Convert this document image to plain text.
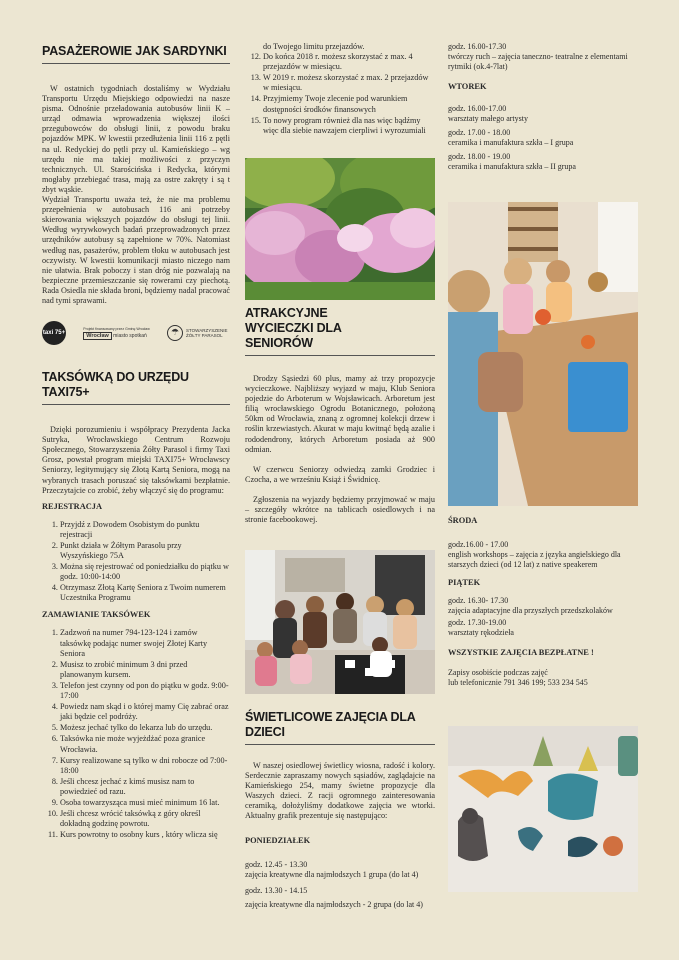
PASAŻEROWIE JAK SARDYNKI

W ostatnich tygodniach dostaliśmy w Wydziału Transportu Urzędu Miejskiego odpowiedzi na nasze pisma. Odnośnie przeładowania autobusów linii K – urząd odmawia wprowadzenia większej ilości przegubowców do obsługi linii, z powodu braku pojazdów MPK. W kwestii przedłużenia linii 116 z pętli na ul. Redyckiej do pętli przy ul. Kamieńskiego – wg urzędu nie ma takiej możliwości z przyczyn technicznych. Ul. Starościńska i Redycka, którymi mogłaby przebiegać trasa, mają za ostre zakręty i są t zbyt wąskie.

Wydział Transportu uważa też, że nie ma problemu przepełnienia w autobusach 116 ani potrzeby skierowania większych pojazdów do obsługi tej linii. Według wyrywkowych badań przeprowadzonych przez urzędników autobusy są zapełnione w 70%. Natomiast według nas, pasażerów, problem tłoku w autobusach jest oczywisty. W kwestii komunikacji miasto niczego nam nie ułatwia. Brak poboczy i stan dróg nie pozwalają na bezpieczne przemieszczanie się rowerami czy piechotą. Rada Osiedla nie składa broni, będziemy nadal pracować nad tymi sprawami.

taxi 75+
Projekt finansowany przez Gminę Wrocław
Wrocław miasto spotkań	☂	STOWARZYSZENIE ŻÓŁTY PARASOL
TAKSÓWKĄ DO URZĘDU TAXI75+

Dzięki porozumieniu i współpracy Prezydenta Jacka Sutryka, Wrocławskiego Centrum Rozwoju Społecznego, Stowarzyszenia Żółty Parasol i firmy Taxi Grosz, powstał program miejski TAXI75+ Wrocławscy Seniorzy, legitymujący się Złotą Kartą Seniora, mogą na wybranych trasach poruszać się taksówkami bezpłatnie. Przeczytajcie co zrobić, żeby włączyć się do programu:

REJESTRACJA
1. Przyjdź z Dowodem Osobistym do punktu rejestracji
2. Punkt działa w Żółtym Parasolu przy Wyszyńskiego 75A
3. Można się rejestrować od poniedziałku do piątku w godz. 10:00-14:00
4. Otrzymasz Złotą Kartę Seniora z Twoim numerem Uczestnika Programu
ZAMAWIANIE TAKSÓWEK
1. Zadzwoń na numer 794-123-124 i zamów taksówkę podając numer swojej Złotej Karty Seniora
2. Musisz to zrobić minimum 3 dni przed planowanym kursem.
3. Telefon jest czynny od pon do piątku w godz. 9:00-17:00
4. Powiedz nam skąd i o której mamy Cię zabrać oraz jaki będzie cel podróży.
5. Możesz jechać tylko do lekarza lub do urzędu.
6. Taksówka nie może wyjeżdżać poza granice Wrocławia.
7. Kursy realizowane są tylko w dni robocze od 7:00-18:00
8. Jeśli chcesz jechać z kimś musisz nam to powiedzieć od razu.
9. Osoba towarzysząca musi mieć minimum 16 lat.
10. Jeśli chcesz wrócić taksówką z góry określ dokładną godzinę powrotu.
11. Kurs powrotny to osobny kurs , który wlicza się

do Twojego limitu przejazdów.

12. Do końca 2018 r. możesz skorzystać z max. 4 przejazdów w miesiącu.
13. W 2019 r. możesz skorzystać z max. 2 przejazdów w miesiącu.
14. Przyjmiemy Twoje zlecenie pod warunkiem dostępności środków finansowych
15. To nowy program również dla nas więc bądźmy więc dla siebie nawzajem cierpliwi i wyrozumiali
ATRAKCYJNE WYCIECZKI DLA SENIORÓW

Drodzy Sąsiedzi 60 plus, mamy aż trzy propozycje wycieczkowe. Najbliższy wyjazd w maju, Klub Seniora pojedzie do Arboterum w Wojsławicach. Arboretum jest filią wrocławskiego Ogrodu Botanicznego, położoną 50km od Wrocławia, znaną z ogromnej kolekcji drzew i roślin krzewiastych. Akurat w maju kwitnąć będą azalie i rododendrony, których Arboretum posiada aż 900 odmian.

W czerwcu Seniorzy odwiedzą zamki Grodziec i Czocha, a we wrześniu Książ i Świdnicę.

Zgłoszenia na wyjazdy będziemy przyjmować w maju – szczegóły wkrótce na tablicach osiedlowych i na stronie facebookowej.

ŚWIETLICOWE ZAJĘCIA DLA DZIECI

W naszej osiedlowej świetlicy wiosna, radość i kolory. Serdecznie zapraszamy nowych sąsiadów, zaglądajcie na Kamieńskiego 254, mamy świetne propozycje dla Waszych dzieci. Z racji ogromnego zainteresowania ceramiką, dołożyliśmy dodatkowe zajęcia we wtorki. Aktualny grafik prezentuje się następująco:

PONIEDZIAŁEK
godz. 12.45 - 13.30
zajęcia kreatywne dla najmłodszych 1 grupa (do lat 4)
godz. 13.30 - 14.15
zajęcia kreatywne dla najmłodszych - 2 grupa (do lat 4)
godz. 16.00-17.30
twórczy ruch – zajęcia taneczno- teatralne z elementami rytmiki (ok.4-7lat)
WTOREK
godz. 16.00-17.00
warsztaty małego artysty
godz. 17.00 - 18.00
ceramika i manufaktura szkła – I grupa
godz. 18.00 - 19.00
ceramika i manufaktura szkła – II grupa
ŚRODA
godz.16.00 - 17.00
english workshops – zajęcia z języka angielskiego dla starszych dzieci (od 12 lat) z native speakerem
PIĄTEK
godz. 16.30- 17.30
zajęcia adaptacyjne dla przyszłych przedszkolaków
godz. 17.30-19.00
warsztaty rękodzieła
WSZYSTKIE ZAJĘCIA BEZPŁATNE !
Zapisy osobiście podczas zajęć
lub telefonicznie 791 346 199; 533 234 545
